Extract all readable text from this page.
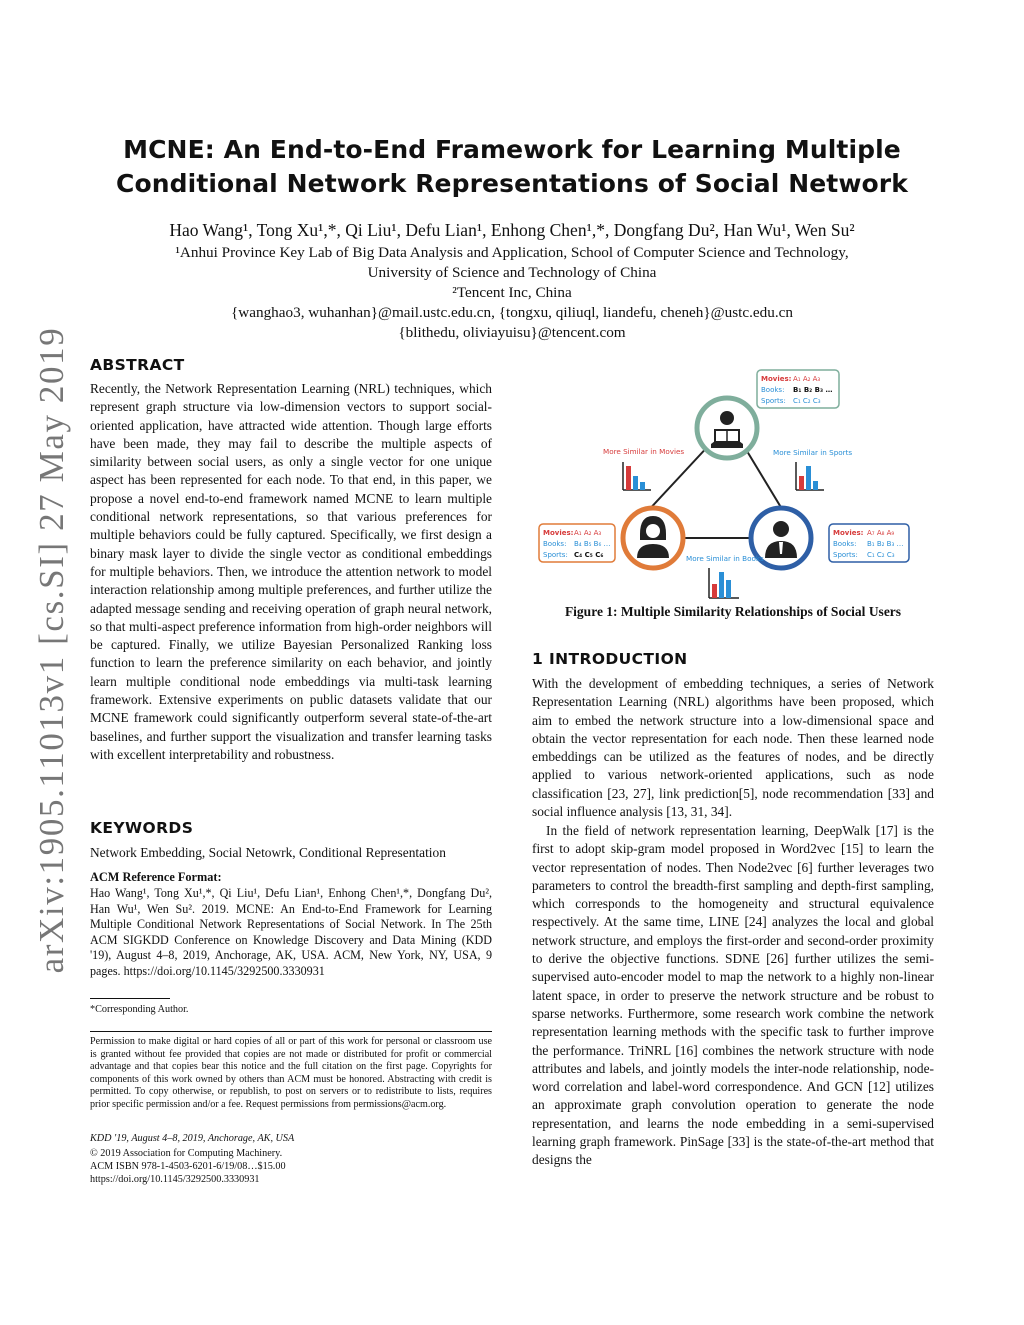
MCNE: An End-to-End Framework for Learning Multiple
Conditional Network Representations of Social Network
Hao Wang¹, Tong Xu¹,*, Qi Liu¹, Defu Lian¹, Enhong Chen¹,*, Dongfang Du², Han Wu¹, Wen Su²
¹Anhui Province Key Lab of Big Data Analysis and Application, School of Computer Science and Technology,
University of Science and Technology of China
²Tencent Inc, China
{wanghao3, wuhanhan}@mail.ustc.edu.cn, {tongxu, qiliuql, liandefu, cheneh}@ustc.edu.cn
{blithedu, oliviayuisu}@tencent.com
arXiv:1905.11013v1 [cs.SI] 27 May 2019 ABSTRACT
Recently, the Network Representation Learning (NRL) techniques, which represent graph structure via low-dimension vectors to support social-oriented application, have attracted wide attention. Though large efforts have been made, they may fail to describe the multiple aspects of similarity between social users, as only a single vector for one unique aspect has been represented for each node. To that end, in this paper, we propose a novel end-to-end framework named MCNE to learn multiple conditional network representations, so that various preferences for multiple behaviors could be fully captured. Specifically, we first design a binary mask layer to divide the single vector as conditional embeddings for multiple behaviors. Then, we introduce the attention network to model interaction relationship among multiple preferences, and further utilize the adapted message sending and receiving operation of graph neural network, so that multi-aspect preference information from high-order neighbors will be captured. Finally, we utilize Bayesian Personalized Ranking loss function to learn the preference similarity on each behavior, and jointly learn multiple conditional node embeddings via multi-task learning framework. Extensive experiments on public datasets validate that our MCNE framework could significantly outperform several state-of-the-art baselines, and further support the visualization and transfer learning tasks with excellent interpretability and robustness.
KEYWORDS
Network Embedding, Social Netowrk, Conditional Representation
ACM Reference Format:
Hao Wang¹, Tong Xu¹,*, Qi Liu¹, Defu Lian¹, Enhong Chen¹,*, Dongfang Du², Han Wu¹, Wen Su². 2019. MCNE: An End-to-End Framework for Learning Multiple Conditional Network Representations of Social Network. In The 25th ACM SIGKDD Conference on Knowledge Discovery and Data Mining (KDD '19), August 4–8, 2019, Anchorage, AK, USA. ACM, New York, NY, USA, 9 pages. https://doi.org/10.1145/3292500.3330931
*Corresponding Author.
Permission to make digital or hard copies of all or part of this work for personal or classroom use is granted without fee provided that copies are not made or distributed for profit or commercial advantage and that copies bear this notice and the full citation on the first page. Copyrights for components of this work owned by others than ACM must be honored. Abstracting with credit is permitted. To copy otherwise, or republish, to post on servers or to redistribute to lists, requires prior specific permission and/or a fee. Request permissions from permissions@acm.org.
KDD '19, August 4–8, 2019, Anchorage, AK, USA
© 2019 Association for Computing Machinery.
ACM ISBN 978-1-4503-6201-6/19/08…$15.00
https://doi.org/10.1145/3292500.3330931
More Similar in Movies	More Similar in Sports
More Similar in Books
Movies: A₁ A₂ A₃
Books: B₁ B₂ B₃ …
Sports: C₁ C₂ C₃
Movies: A₁ A₂ A₃
Books: B₄ B₅ B₆ …
Sports: C₄ C₅ C₆
Movies: A₇ A₈ A₉
Books: B₁ B₂ B₃ …
Sports: C₁ C₂ C₃
Figure 1: Multiple Similarity Relationships of Social Users
1 INTRODUCTION
With the development of embedding techniques, a series of Network Representation Learning (NRL) algorithms have been proposed, which aim to embed the network structure into a low-dimensional space and obtain the vector representation for each node. Then these learned node embeddings can be utilized as the features of nodes, and be directly applied to various network-oriented applications, such as node classification [23, 27], link prediction[5], node recommendation [33] and social influence analysis [13, 31, 34].
In the field of network representation learning, DeepWalk [17] is the first to adopt skip-gram model proposed in Word2vec [15] to learn the vector representation of nodes. Then Node2vec [6] further leverages two parameters to control the breadth-first sampling and depth-first sampling, which corresponds to the homogeneity and structural equivalence respectively. At the same time, LINE [24] analyzes the local and global network structure, and employs the first-order and second-order proximity to derive the objective functions. SDNE [26] further utilizes the semi-supervised auto-encoder model to map the network to a highly non-linear latent space, in order to preserve the network structure and be robust to sparse networks. Furthermore, some research work combine the network representation learning methods with the specific task to further improve the performance. TriNRL [16] combines the network structure with node attributes and labels, and jointly models the inter-node relationship, node-word correlation and label-word correspondence. And GCN [12] utilizes an approximate graph convolution operation to generate the node representation, and learns the node embedding in a semi-supervised learning graph framework. PinSage [33] is the state-of-the-art method that designs the
